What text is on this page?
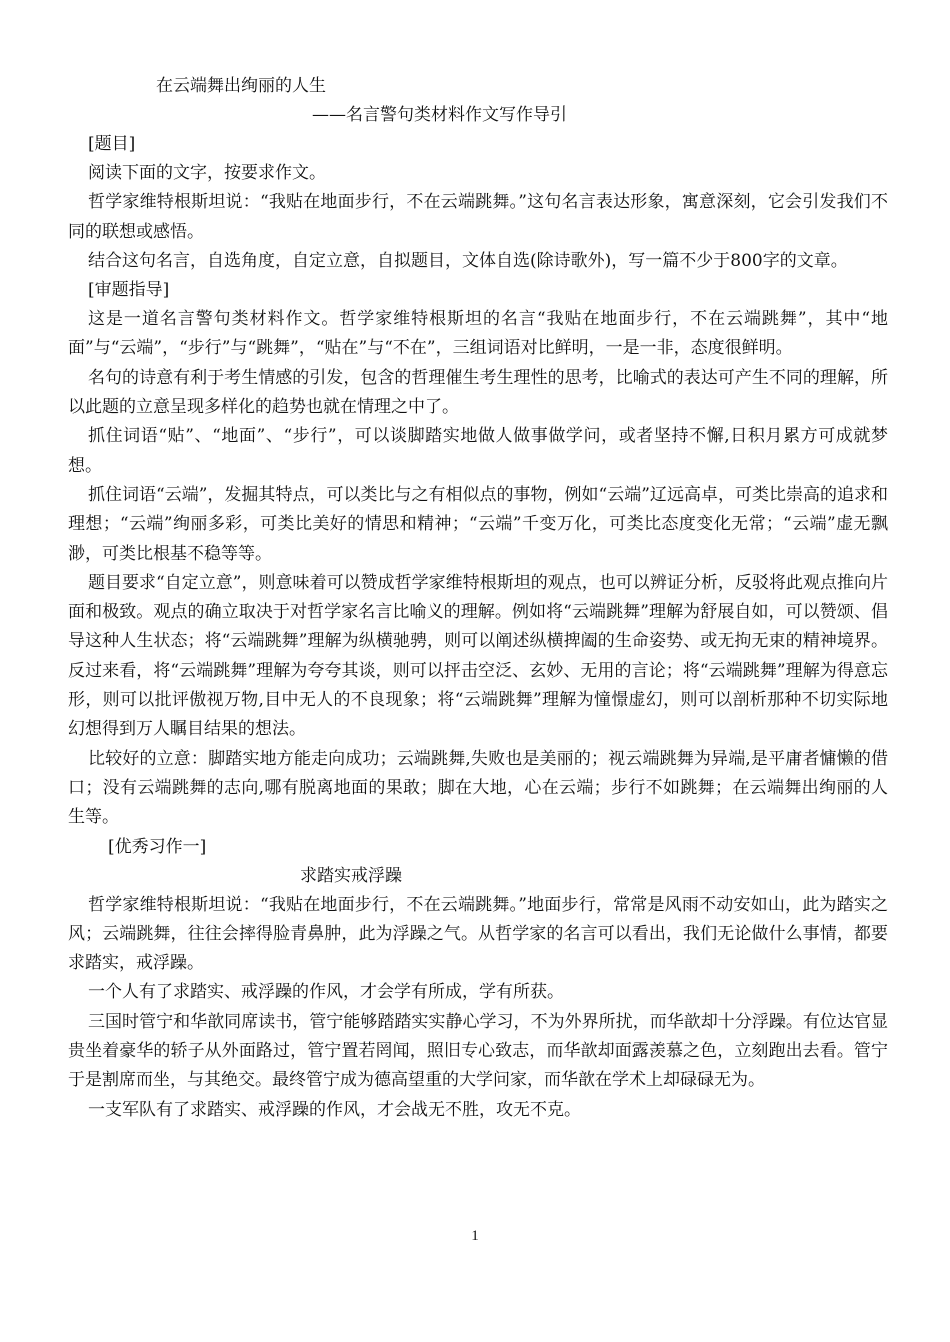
在云端舞出绚丽的人生

——名言警句类材料作文写作导引

[题目]

阅读下面的文字，按要求作文。

哲学家维特根斯坦说：“我贴在地面步行，不在云端跳舞。”这句名言表达形象，寓意深刻，它会引发我们不同的联想或感悟。

结合这句名言，自选角度，自定立意，自拟题目，文体自选(除诗歌外)，写一篇不少于800字的文章。

[审题指导]

这是一道名言警句类材料作文。哲学家维特根斯坦的名言“我贴在地面步行，不在云端跳舞”，其中“地面”与“云端”，“步行”与“跳舞”，“贴在”与“不在”，三组词语对比鲜明，一是一非，态度很鲜明。

名句的诗意有利于考生情感的引发，包含的哲理催生考生理性的思考，比喻式的表达可产生不同的理解，所以此题的立意呈现多样化的趋势也就在情理之中了。

抓住词语“贴”、“地面”、“步行”，可以谈脚踏实地做人做事做学问，或者坚持不懈,日积月累方可成就梦想。

抓住词语“云端”，发掘其特点，可以类比与之有相似点的事物，例如“云端”辽远高卓，可类比崇高的追求和理想；“云端”绚丽多彩，可类比美好的情思和精神；“云端”千变万化，可类比态度变化无常；“云端”虚无飘渺，可类比根基不稳等等。

题目要求“自定立意”，则意味着可以赞成哲学家维特根斯坦的观点，也可以辨证分析，反驳将此观点推向片面和极致。观点的确立取决于对哲学家名言比喻义的理解。例如将“云端跳舞”理解为舒展自如，可以赞颂、倡导这种人生状态；将“云端跳舞”理解为纵横驰骋，则可以阐述纵横捭阖的生命姿势、或无拘无束的精神境界。反过来看，将“云端跳舞”理解为夸夸其谈，则可以抨击空泛、玄妙、无用的言论；将“云端跳舞”理解为得意忘形，则可以批评傲视万物,目中无人的不良现象；将“云端跳舞”理解为憧憬虚幻，则可以剖析那种不切实际地幻想得到万人瞩目结果的想法。

比较好的立意：脚踏实地方能走向成功；云端跳舞,失败也是美丽的；视云端跳舞为异端,是平庸者慵懒的借口；没有云端跳舞的志向,哪有脱离地面的果敢；脚在大地，心在云端；步行不如跳舞；在云端舞出绚丽的人生等。

[优秀习作一]

求踏实戒浮躁

哲学家维特根斯坦说：“我贴在地面步行，不在云端跳舞。”地面步行，常常是风雨不动安如山，此为踏实之风；云端跳舞，往往会摔得脸青鼻肿，此为浮躁之气。从哲学家的名言可以看出，我们无论做什么事情，都要求踏实，戒浮躁。

一个人有了求踏实、戒浮躁的作风，才会学有所成，学有所获。

三国时管宁和华歆同席读书，管宁能够踏踏实实静心学习，不为外界所扰，而华歆却十分浮躁。有位达官显贵坐着豪华的轿子从外面路过，管宁置若罔闻，照旧专心致志，而华歆却面露羡慕之色，立刻跑出去看。管宁于是割席而坐，与其绝交。最终管宁成为德高望重的大学问家，而华歆在学术上却碌碌无为。

一支军队有了求踏实、戒浮躁的作风，才会战无不胜，攻无不克。

1
